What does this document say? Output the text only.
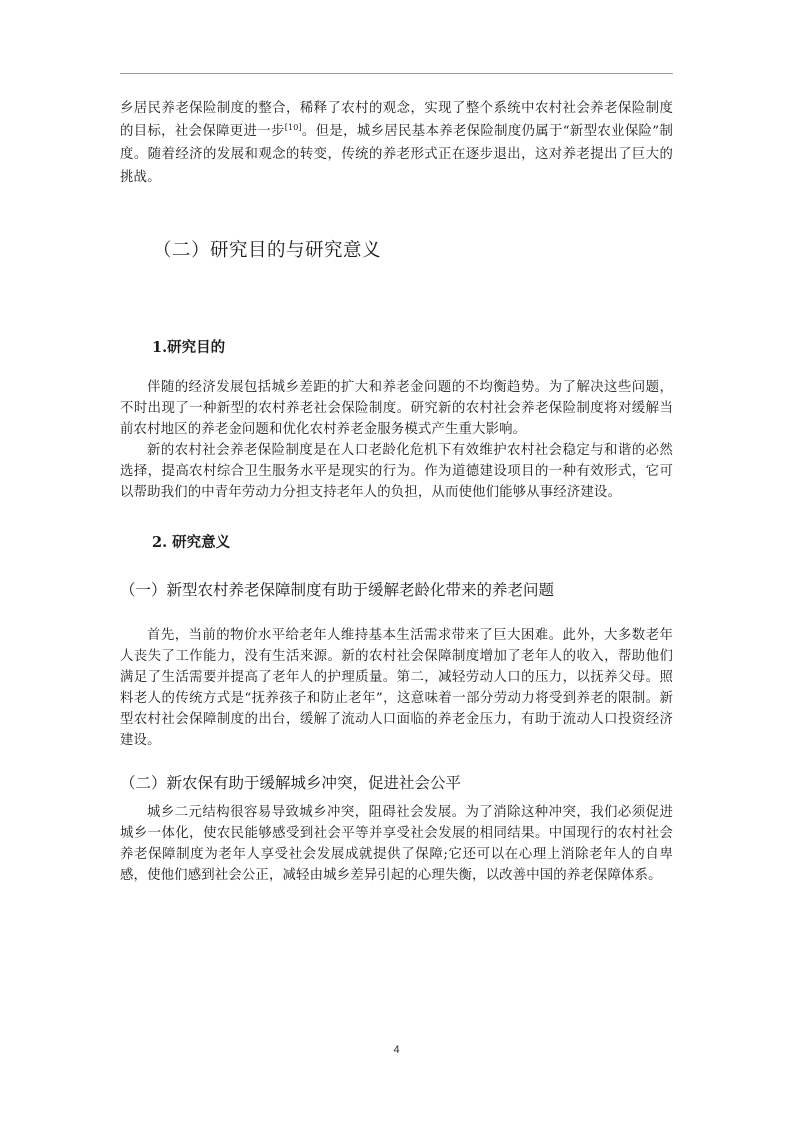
乡居民养老保险制度的整合，稀释了农村的观念，实现了整个系统中农村社会养老保险制度的目标，社会保障更进一步[10]。但是，城乡居民基本养老保险制度仍属于“新型农业保险”制度。随着经济的发展和观念的转变，传统的养老形式正在逐步退出，这对养老提出了巨大的挑战。

（二）研究目的与研究意义
1.研究目的

伴随的经济发展包括城乡差距的扩大和养老金问题的不均衡趋势。为了解决这些问题，不时出现了一种新型的农村养老社会保险制度。研究新的农村社会养老保险制度将对缓解当前农村地区的养老金问题和优化农村养老金服务模式产生重大影响。

新的农村社会养老保险制度是在人口老龄化危机下有效维护农村社会稳定与和谐的必然选择，提高农村综合卫生服务水平是现实的行为。作为道德建设项目的一种有效形式，它可以帮助我们的中青年劳动力分担支持老年人的负担，从而使他们能够从事经济建设。

2. 研究意义
（一）新型农村养老保障制度有助于缓解老龄化带来的养老问题

首先，当前的物价水平给老年人维持基本生活需求带来了巨大困难。此外，大多数老年人丧失了工作能力，没有生活来源。新的农村社会保障制度增加了老年人的收入，帮助他们满足了生活需要并提高了老年人的护理质量。第二，减轻劳动人口的压力，以抚养父母。照料老人的传统方式是“抚养孩子和防止老年”，这意味着一部分劳动力将受到养老的限制。新型农村社会保障制度的出台，缓解了流动人口面临的养老金压力，有助于流动人口投资经济建设。

（二）新农保有助于缓解城乡冲突，促进社会公平

城乡二元结构很容易导致城乡冲突，阻碍社会发展。为了消除这种冲突，我们必须促进城乡一体化，使农民能够感受到社会平等并享受社会发展的相同结果。中国现行的农村社会养老保障制度为老年人享受社会发展成就提供了保障;它还可以在心理上消除老年人的自卑感，使他们感到社会公正，减轻由城乡差异引起的心理失衡，以改善中国的养老保障体系。

4
